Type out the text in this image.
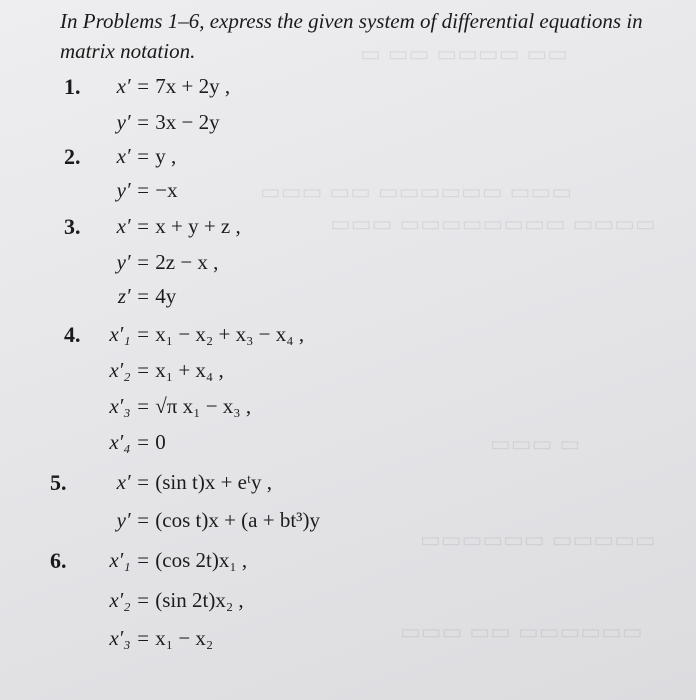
▭ ▭▭ ▭▭▭▭ ▭▭
▭▭▭ ▭▭ ▭▭▭▭▭▭ ▭▭▭
▭▭▭ ▭▭▭▭▭▭▭▭ ▭▭▭▭
▭▭▭ ▭
▭▭▭▭▭▭ ▭▭▭▭▭
▭▭▭ ▭▭ ▭▭▭▭▭▭
In Problems 1–6, express the given system of differential equations in matrix notation.
1.	x′ = 7x + 2y ,
y′ = 3x − 2y
2.	x′ = y ,
y′ = −x
3.	x′ = x + y + z ,
y′ = 2z − x ,
z′ = 4y
4.	x′₁ = x₁ − x₂ + x₃ − x₄ ,
x′₂ = x₁ + x₄ ,
x′₃ = √π x₁ − x₃ ,
x′₄ = 0
5.	x′ = (sin t)x + eᵗy ,
y′ = (cos t)x + (a + bt³)y
6.	x′₁ = (cos 2t)x₁ ,
x′₂ = (sin 2t)x₂ ,
x′₃ = x₁ − x₂
